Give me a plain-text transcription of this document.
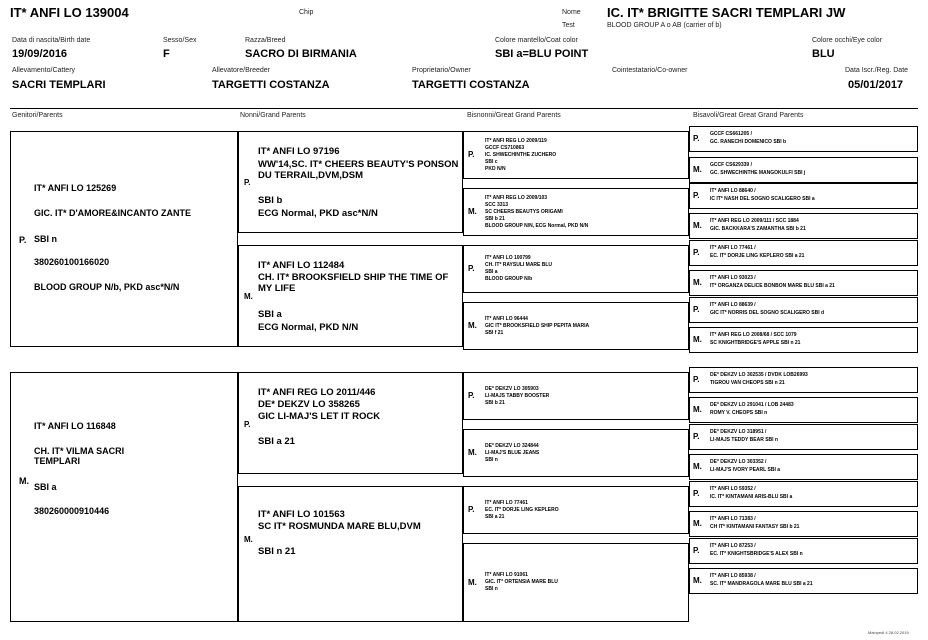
IT* ANFI LO 139004	Chip	Nome IC. IT* BRIGITTE SACRI TEMPLARI JW
Test	BLOOD GROUP A o AB (carrier of b)
Data di nascita/Birth date
19/09/2016
Sesso/Sex
F
Razza/Breed
SACRO DI BIRMANIA
Colore mantello/Coat color
SBI a=BLU POINT
Colore occhi/Eye color
BLU
Allevamento/Cattery
SACRI TEMPLARI
Allevatore/Breeder
TARGETTI COSTANZA
Proprietario/Owner
TARGETTI COSTANZA
Cointestatario/Co-owner	Data Iscr./Reg. Date
05/01/2017
Genitori/Parents	Nonni/Grand Parents	Bisnonni/Great Grand Parents	Bisavoli/Great Great Grand Parents
P.
IT* ANFI LO 125269
GIC. IT* D'AMORE&INCANTO ZANTE
SBI n
380260100166020
BLOOD GROUP N/b, PKD asc*N/N
M.
IT* ANFI LO 116848
CH. IT* VILMA SACRI
TEMPLARI
SBI a
380260000910446
P.
IT* ANFI LO 97196
WW'14,SC. IT* CHEERS BEAUTY'S PONSON
DU TERRAIL,DVM,DSM
SBI b
ECG Normal, PKD asc*N/N
M.
IT* ANFI LO 112484
CH. IT* BROOKSFIELD SHIP THE TIME OF
MY LIFE
SBI a
ECG Normal, PKD N/N
P.
IT* ANFI REG LO 2011/446
DE* DEKZV LO 358265
GIC LI-MAJ'S LET IT ROCK
SBI a 21
M.
IT* ANFI LO 101563
SC IT* ROSMUNDA MARE BLU,DVM
SBI n 21
P.
IT* ANFI REG LO 2009/119
GCCF CS710863
IC. SHWECHINTHE ZUCHERO
SBI c
PKD N/N
M.
IT* ANFI REG LO 2009/103
SCC 3313
SC CHEERS BEAUTYS ORIGAMI
SBI b 21
BLOOD GROUP N/N, ECG Normal, PKD N/N
P.
IT* ANFI LO 100799
CH. IT* RAYSULI MARE BLU
SBI a
BLOOD GROUP N/b
M.
IT* ANFI LO 96444
GIC IT* BROOKSFIELD SHIP PEPITA MARIA
SBI f 21
P.
DE* DEKZV LO 305903
LI-MAJS TABBY BOOSTER
SBI b 21
M.
DE* DEKZV LO 324844
LI-MAJ'S BLUE JEANS
SBI n
P.
IT* ANFI LO 77461
EC. IT* DORJE LING KEPLERO
SBI a 21
M.
IT* ANFI LO 91061
GIC. IT* ORTENSIA MARE BLU
SBI n
P. GCCF CS661205 /
GC. RANECHI DOMENICO SBI b
M. GCCF CS629339 /
GC. SHWECHINTHE MANGOKULFI SBI j
P. IT* ANFI LO 88640 /
IC IT* NASH DEL SOGNO SCALIGERO SBI a
M. IT* ANFI REG LO 2009/111 / SCC 1884
GIC. BACKKARA'S ZAMANTHA SBI b 21
P. IT* ANFI LO 77461 /
EC. IT* DORJE LING KEPLERO SBI a 21
M. IT* ANFI LO 93023 /
IT* ORGANZA DELICE BONBON MARE BLU SBI a 21
P. IT* ANFI LO 88639 /
GIC IT* NORRIS DEL SOGNO SCALIGERO SBI d
M. IT* ANFI REG LO 2008/68 / SCC 1079
SC KNIGHTBRIDGE'S APPLE SBI n 21
P. DE* DEKZV LO 302535 / DVDK LOB26993
TIGROU VAN CHEOPS SBI n 21
M. DE* DEKZV LO 291041 / LOB 24483
ROMY V. CHEOPS SBI n
P. DE* DEKZV LO 318951 /
LI-MAJS TEDDY BEAR SBI n
M. DE* DEKZV LO 303352 /
LI-MAJ'S IVORY PEARL SBI a
P. IT* ANFI LO 59352 /
IC. IT* KINTAMANI ARIS-BLU SBI a
M. IT* ANFI LO 71383 /
CH IT* KINTAMANI FANTASY SBI b 21
P. IT* ANFI LO 87253 /
EC. IT* KNIGHTSBRIDGE'S ALEX SBI n
M. IT* ANFI LO 85938 /
SC. IT* MANDRAGOLA MARE BLU SBI a 21
Mainpedi 4 28.02.2019
